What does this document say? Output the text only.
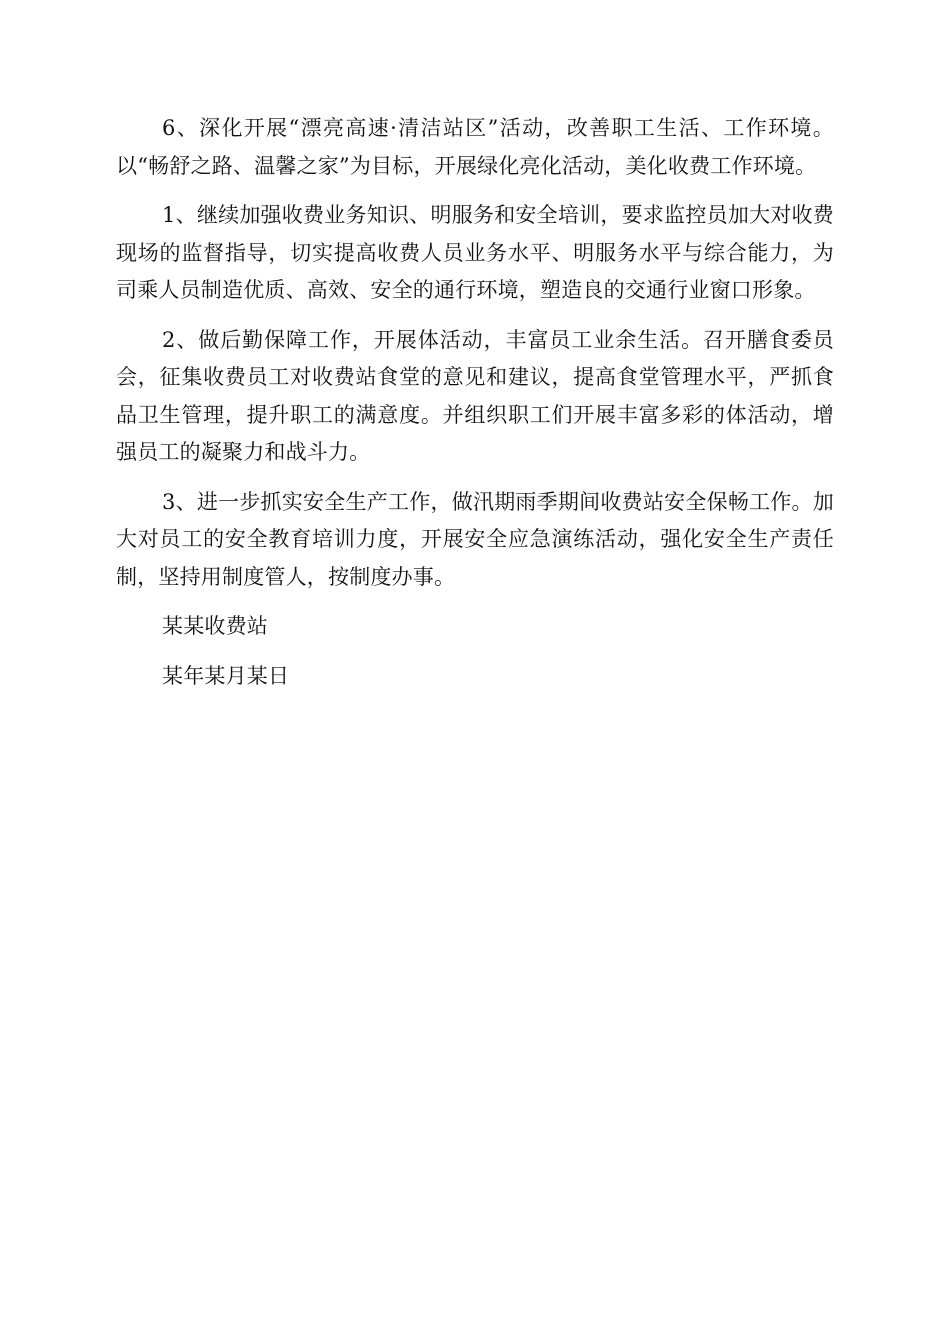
6、深化开展“漂亮高速·清洁站区”活动，改善职工生活、工作环境。以“畅舒之路、温馨之家”为目标，开展绿化亮化活动，美化收费工作环境。

1、继续加强收费业务知识、明服务和安全培训，要求监控员加大对收费现场的监督指导，切实提高收费人员业务水平、明服务水平与综合能力，为司乘人员制造优质、高效、安全的通行环境，塑造良的交通行业窗口形象。

2、做后勤保障工作，开展体活动，丰富员工业余生活。召开膳食委员会，征集收费员工对收费站食堂的意见和建议，提高食堂管理水平，严抓食品卫生管理，提升职工的满意度。并组织职工们开展丰富多彩的体活动，增强员工的凝聚力和战斗力。

3、进一步抓实安全生产工作，做汛期雨季期间收费站安全保畅工作。加大对员工的安全教育培训力度，开展安全应急演练活动，强化安全生产责任制，坚持用制度管人，按制度办事。

某某收费站

某年某月某日
